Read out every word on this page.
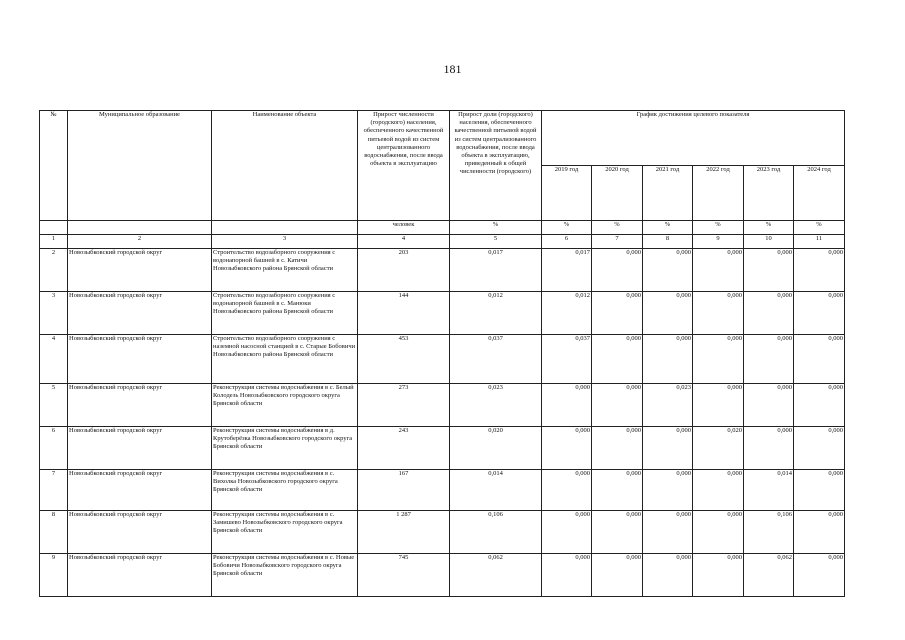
181
№	Муниципальное образование	Наименование объекта	Прирост численности (городского) населения, обеспеченного качественной питьевой водой из систем централизованного водоснабжения, после ввода объекта в эксплуатацию	Прирост доли (городского) населения, обеспеченного качественной питьевой водой из систем централизованного водоснабжения, после ввода объекта в эксплуатацию, приведенный к общей численности (городского)	График достижения целевого показателя					
					2019 год	2020 год	2021 год	2022 год	2023 год	2024 год
			человек	%	%	%	%	%	%	%
1	2	3	4	5	6	7	8	9	10	11
2	Новозыбковский городской округ	Строительство водозаборного сооружения с водонапорной башней в с. Катичи Новозыбковского района Брянской области	203	0,017	0,017	0,000	0,000	0,000	0,000	0,000
3	Новозыбковский городской округ	Строительство водозаборного сооружения с водонапорной башней в с. Манюки Новозыбковского района Брянской области	144	0,012	0,012	0,000	0,000	0,000	0,000	0,000
4	Новозыбковский городской округ	Строительство водозаборного сооружения с наземной насосной станцией в с. Старые Бобовичи Новозыбковского района Брянской области	453	0,037	0,037	0,000	0,000	0,000	0,000	0,000
5	Новозыбковский городской округ	Реконструкция системы водоснабжения в с. Белый Колодезь Новозыбковского городского округа Брянской области	273	0,023	0,000	0,000	0,023	0,000	0,000	0,000
6	Новозыбковский городской округ	Реконструкция системы водоснабжения в д. Крутоберёзка Новозыбковского городского округа Брянской области	243	0,020	0,000	0,000	0,000	0,020	0,000	0,000
7	Новозыбковский городской округ	Реконструкция системы водоснабжения в с. Вихолка Новозыбковского городского округа Брянской области	167	0,014	0,000	0,000	0,000	0,000	0,014	0,000
8	Новозыбковский городской округ	Реконструкция системы водоснабжения в с. Замишево Новозыбковского городского округа Брянской области	1 287	0,106	0,000	0,000	0,000	0,000	0,106	0,000
9	Новозыбковский городской округ	Реконструкция системы водоснабжения в с. Новые Бобовичи Новозыбковского городского округа Брянской области	745	0,062	0,000	0,000	0,000	0,000	0,062	0,000
